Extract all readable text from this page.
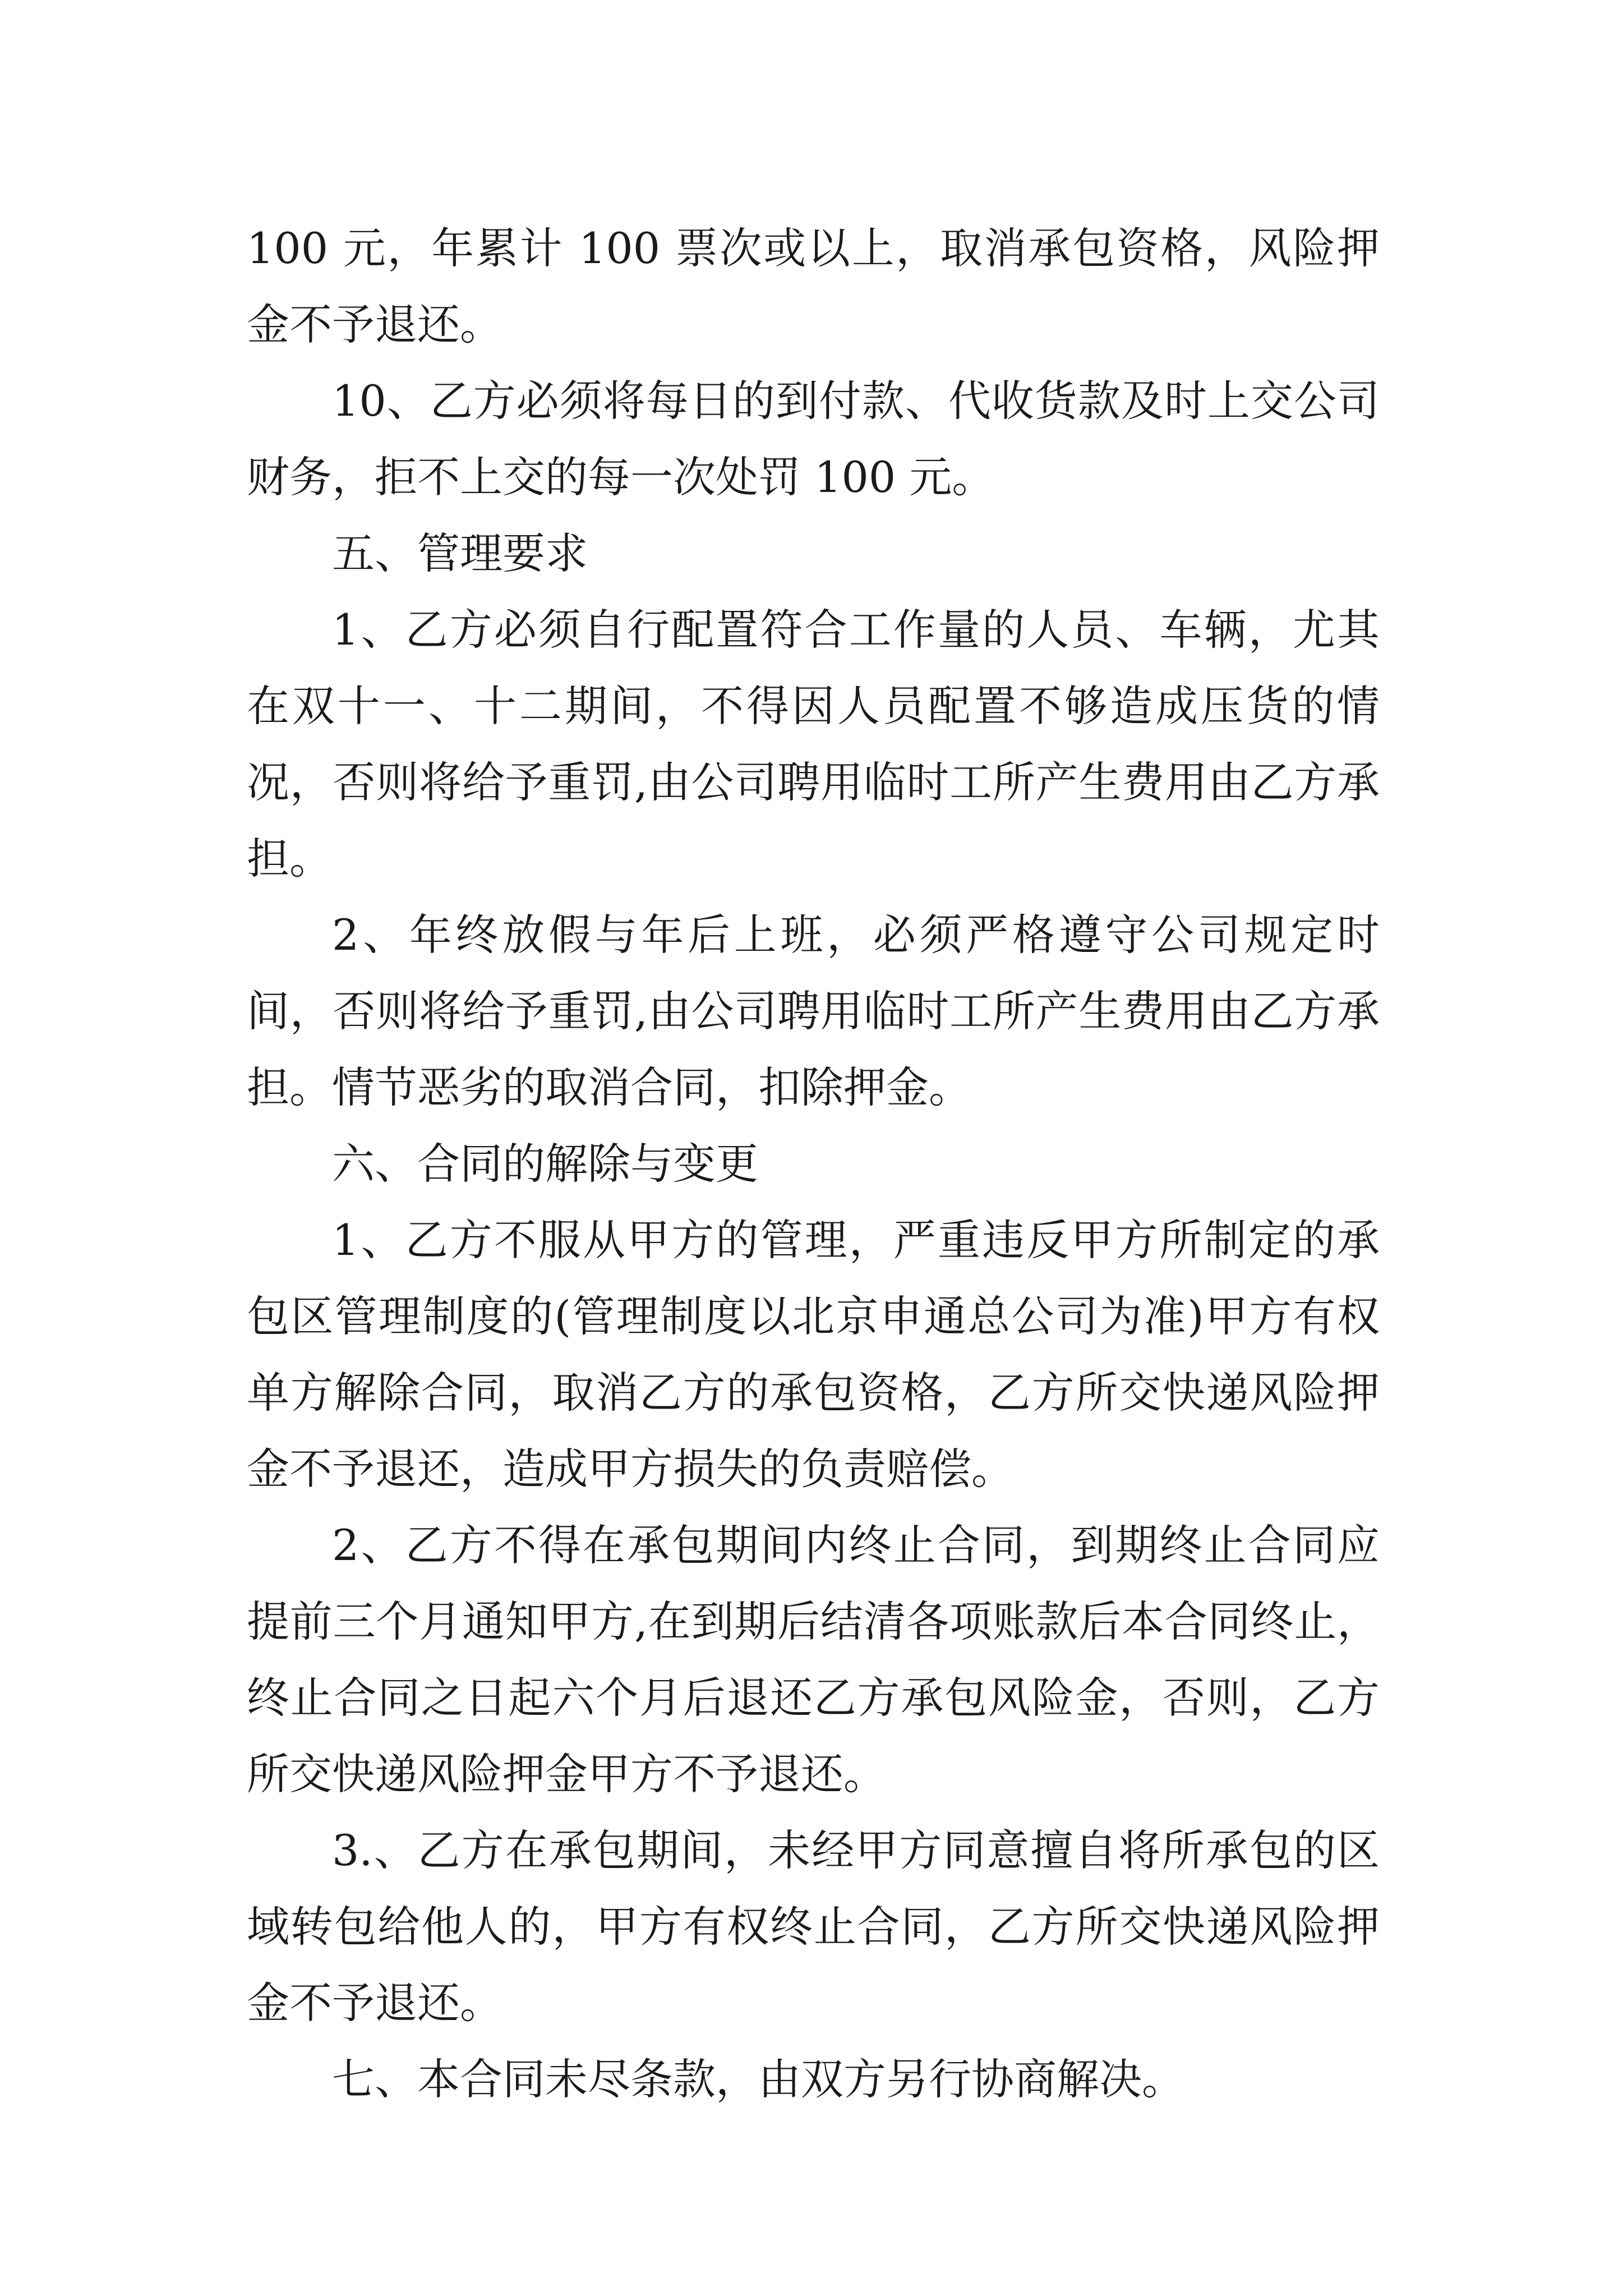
100 元，年累计 100 票次或以上，取消承包资格，风险押金不予退还。

10、乙方必须将每日的到付款、代收货款及时上交公司财务，拒不上交的每一次处罚 100 元。

五、管理要求

1、乙方必须自行配置符合工作量的人员、车辆，尤其在双十一、十二期间，不得因人员配置不够造成压货的情况，否则将给予重罚,由公司聘用临时工所产生费用由乙方承担。

2、年终放假与年后上班，必须严格遵守公司规定时间，否则将给予重罚,由公司聘用临时工所产生费用由乙方承担。情节恶劣的取消合同，扣除押金。

六、合同的解除与变更

1、乙方不服从甲方的管理，严重违反甲方所制定的承包区管理制度的(管理制度以北京申通总公司为准)甲方有权单方解除合同，取消乙方的承包资格，乙方所交快递风险押金不予退还，造成甲方损失的负责赔偿。

2、乙方不得在承包期间内终止合同，到期终止合同应提前三个月通知甲方,在到期后结清各项账款后本合同终止，终止合同之日起六个月后退还乙方承包风险金，否则，乙方所交快递风险押金甲方不予退还。

3.、乙方在承包期间，未经甲方同意擅自将所承包的区域转包给他人的，甲方有权终止合同，乙方所交快递风险押金不予退还。

七、本合同未尽条款，由双方另行协商解决。
